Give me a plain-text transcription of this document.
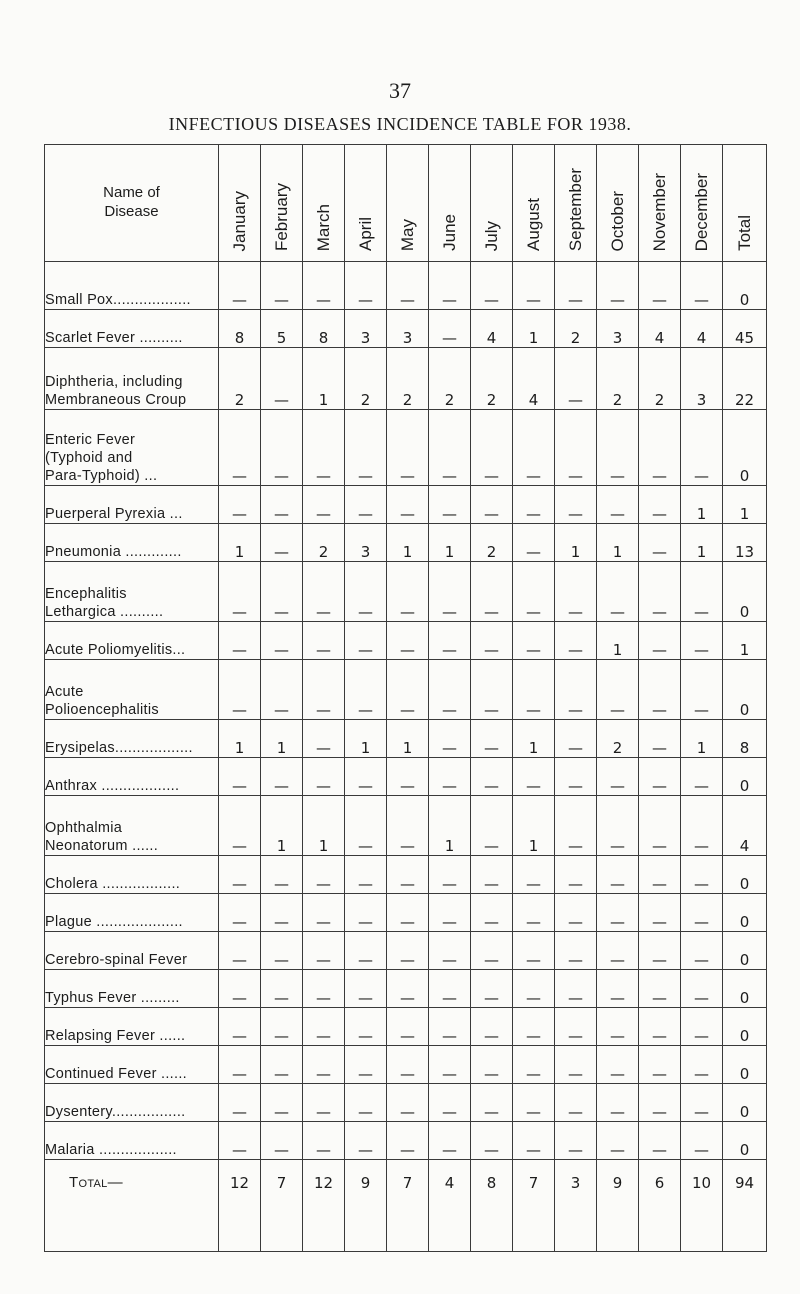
37
INFECTIOUS DISEASES INCIDENCE TABLE FOR 1938.
Name of
Disease	January	February	March	April	May	June	July	August	September	October	November	December	Total

Small Pox..................	—	—	—	—	—	—	—	—	—	—	—	—	0

Scarlet Fever ..........	8	5	8	3	3	—	4	1	2	3	4	4	45

Diphtheria, including
Membraneous Croup	2	—	1	2	2	2	2	4	—	2	2	3	22

Enteric Fever
(Typhoid and
Para-Typhoid) ...	—	—	—	—	—	—	—	—	—	—	—	—	0

Puerperal Pyrexia ...	—	—	—	—	—	—	—	—	—	—	—	1	1

Pneumonia .............	1	—	2	3	1	1	2	—	1	1	—	1	13

Encephalitis
Lethargica ..........	—	—	—	—	—	—	—	—	—	—	—	—	0

Acute Poliomyelitis...	—	—	—	—	—	—	—	—	—	1	—	—	1

Acute
Polioencephalitis	—	—	—	—	—	—	—	—	—	—	—	—	0

Erysipelas..................	1	1	—	1	1	—	—	1	—	2	—	1	8

Anthrax ..................	—	—	—	—	—	—	—	—	—	—	—	—	0

Ophthalmia
Neonatorum ......	—	1	1	—	—	1	—	1	—	—	—	—	4

Cholera ..................	—	—	—	—	—	—	—	—	—	—	—	—	0

Plague ....................	—	—	—	—	—	—	—	—	—	—	—	—	0

Cerebro-spinal Fever	—	—	—	—	—	—	—	—	—	—	—	—	0

Typhus Fever .........	—	—	—	—	—	—	—	—	—	—	—	—	0

Relapsing Fever ......	—	—	—	—	—	—	—	—	—	—	—	—	0

Continued Fever ......	—	—	—	—	—	—	—	—	—	—	—	—	0

Dysentery.................	—	—	—	—	—	—	—	—	—	—	—	—	0

Malaria ..................	—	—	—	—	—	—	—	—	—	—	—	—	0
Total—	12	7	12	9	7	4	8	7	3	9	6	10	94
